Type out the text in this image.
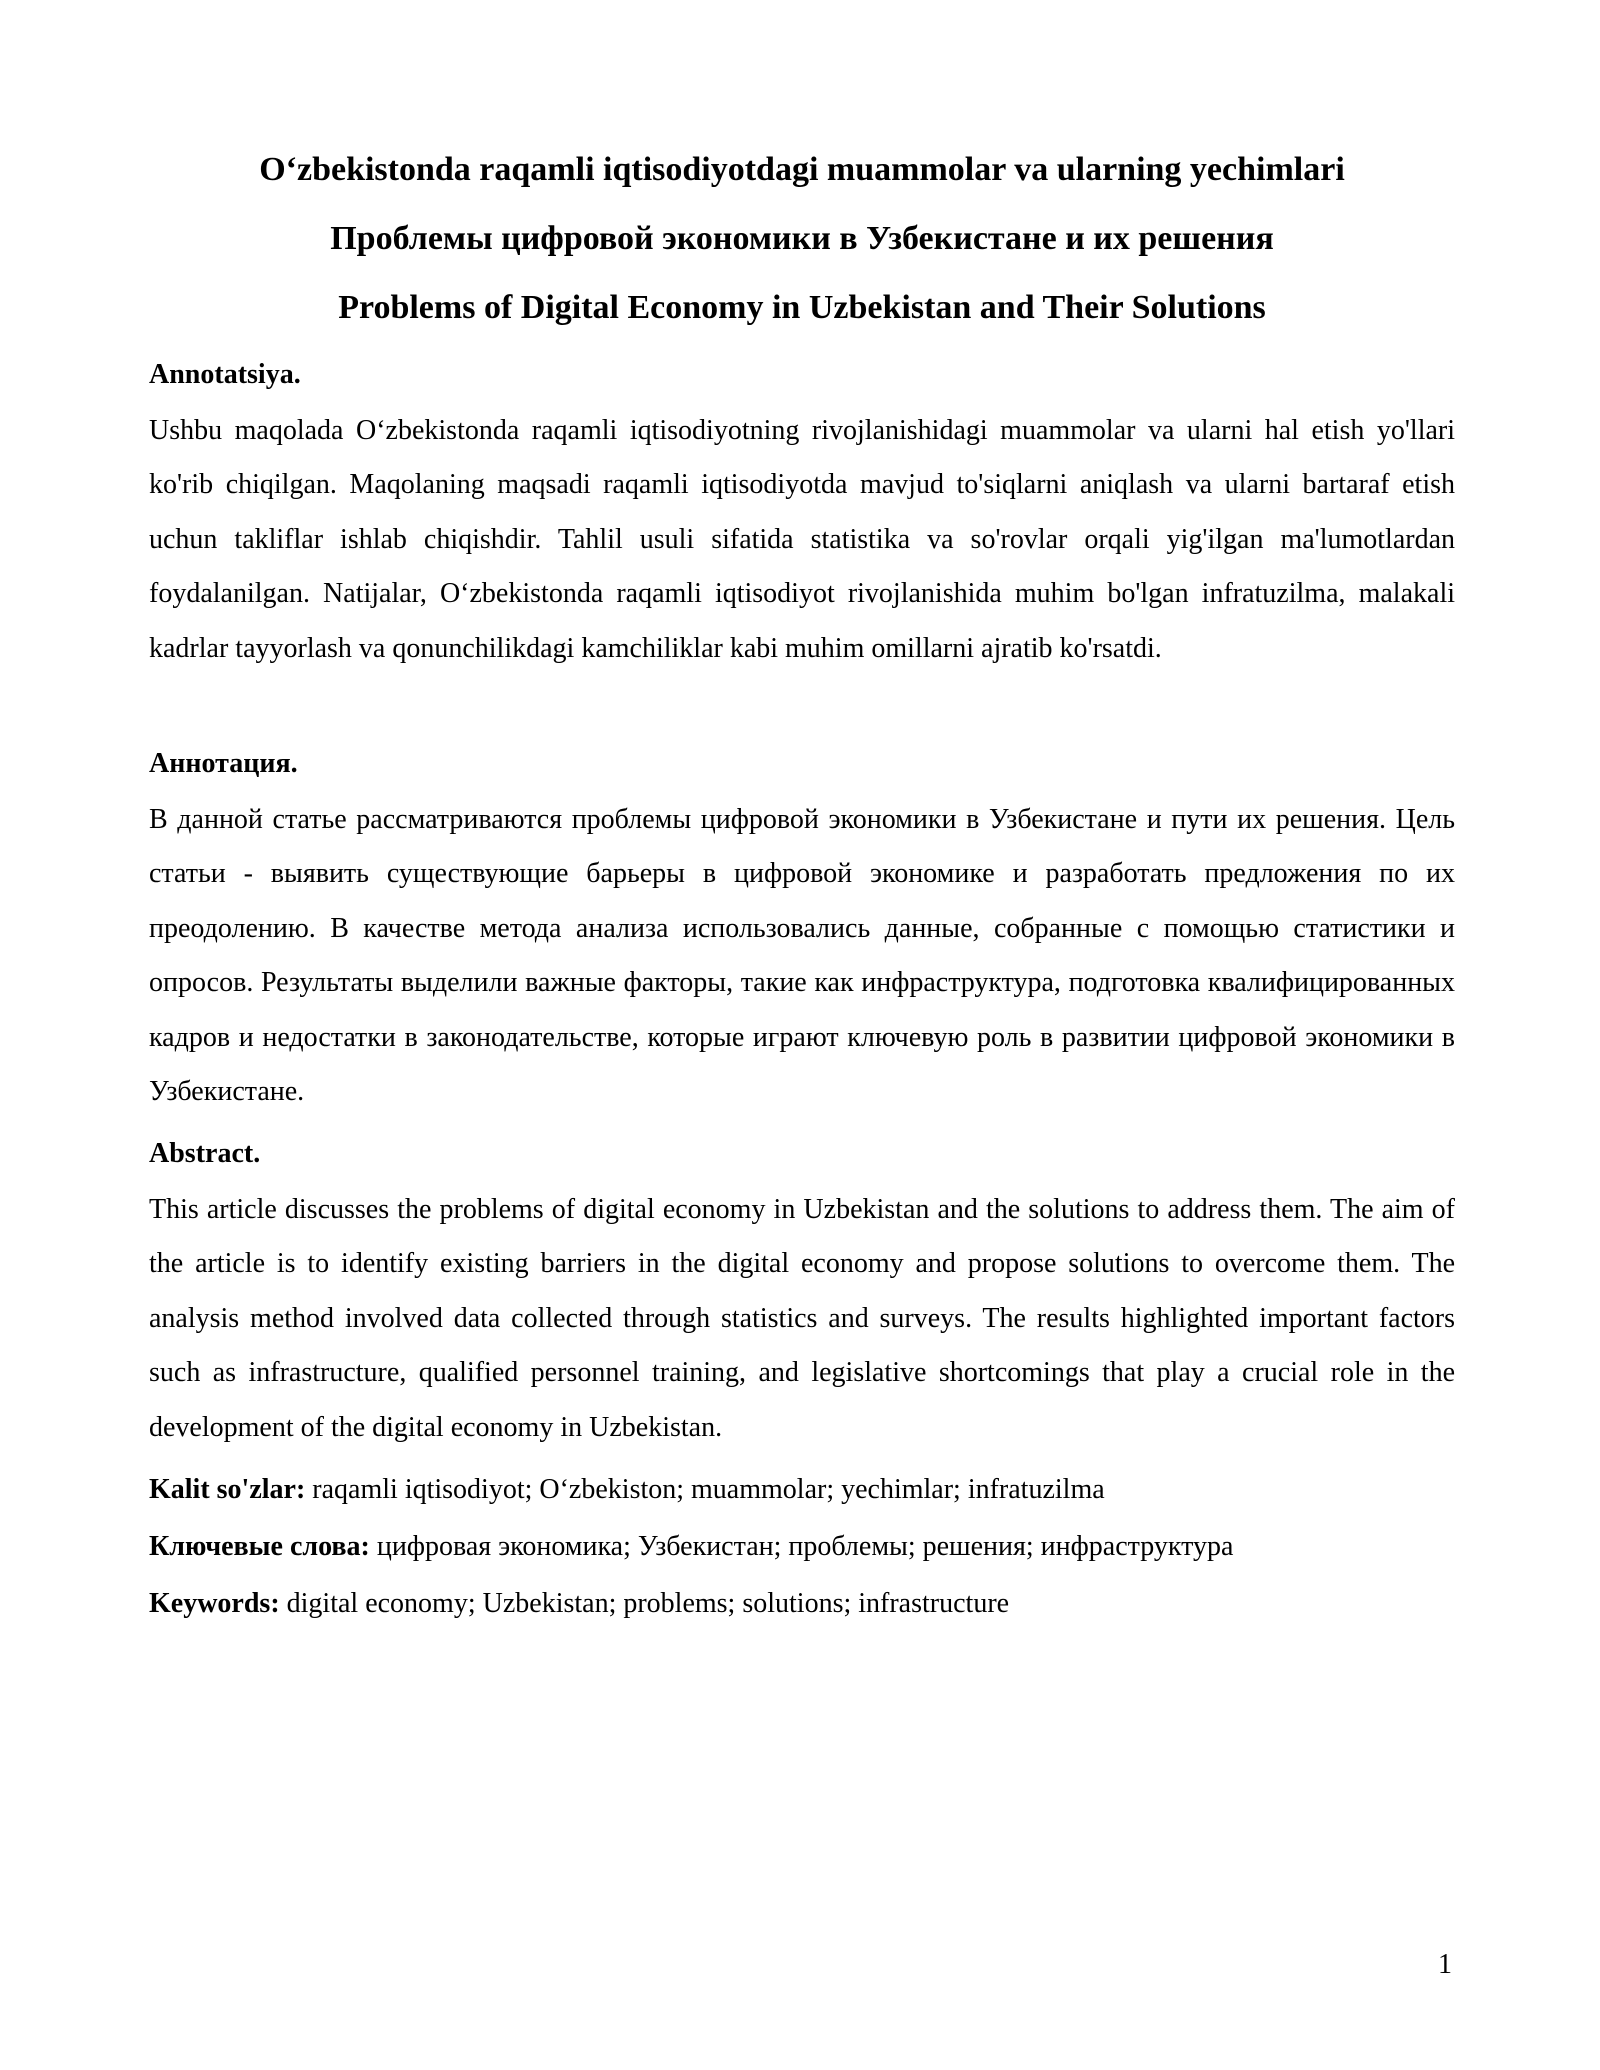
O‘zbekistonda raqamli iqtisodiyotdagi muammolar va ularning yechimlari
Проблемы цифровой экономики в Узбекистане и их решения
Problems of Digital Economy in Uzbekistan and Their Solutions
Annotatsiya.

Ushbu maqolada O‘zbekistonda raqamli iqtisodiyotning rivojlanishidagi muammolar va ularni hal etish yo'llari ko'rib chiqilgan. Maqolaning maqsadi raqamli iqtisodiyotda mavjud to'siqlarni aniqlash va ularni bartaraf etish uchun takliflar ishlab chiqishdir. Tahlil usuli sifatida statistika va so'rovlar orqali yig'ilgan ma'lumotlardan foydalanilgan. Natijalar, O‘zbekistonda raqamli iqtisodiyot rivojlanishida muhim bo'lgan infratuzilma, malakali kadrlar tayyorlash va qonunchilikdagi kamchiliklar kabi muhim omillarni ajratib ko'rsatdi.

Аннотация.

В данной статье рассматриваются проблемы цифровой экономики в Узбекистане и пути их решения. Цель статьи - выявить существующие барьеры в цифровой экономике и разработать предложения по их преодолению. В качестве метода анализа использовались данные, собранные с помощью статистики и опросов. Результаты выделили важные факторы, такие как инфраструктура, подготовка квалифицированных кадров и недостатки в законодательстве, которые играют ключевую роль в развитии цифровой экономики в Узбекистане.

Abstract.

This article discusses the problems of digital economy in Uzbekistan and the solutions to address them. The aim of the article is to identify existing barriers in the digital economy and propose solutions to overcome them. The analysis method involved data collected through statistics and surveys. The results highlighted important factors such as infrastructure, qualified personnel training, and legislative shortcomings that play a crucial role in the development of the digital economy in Uzbekistan.

Kalit so'zlar: raqamli iqtisodiyot; O‘zbekiston; muammolar; yechimlar; infratuzilma
Ключевые слова: цифровая экономика; Узбекистан; проблемы; решения; инфраструктура
Keywords: digital economy; Uzbekistan; problems; solutions; infrastructure
1
